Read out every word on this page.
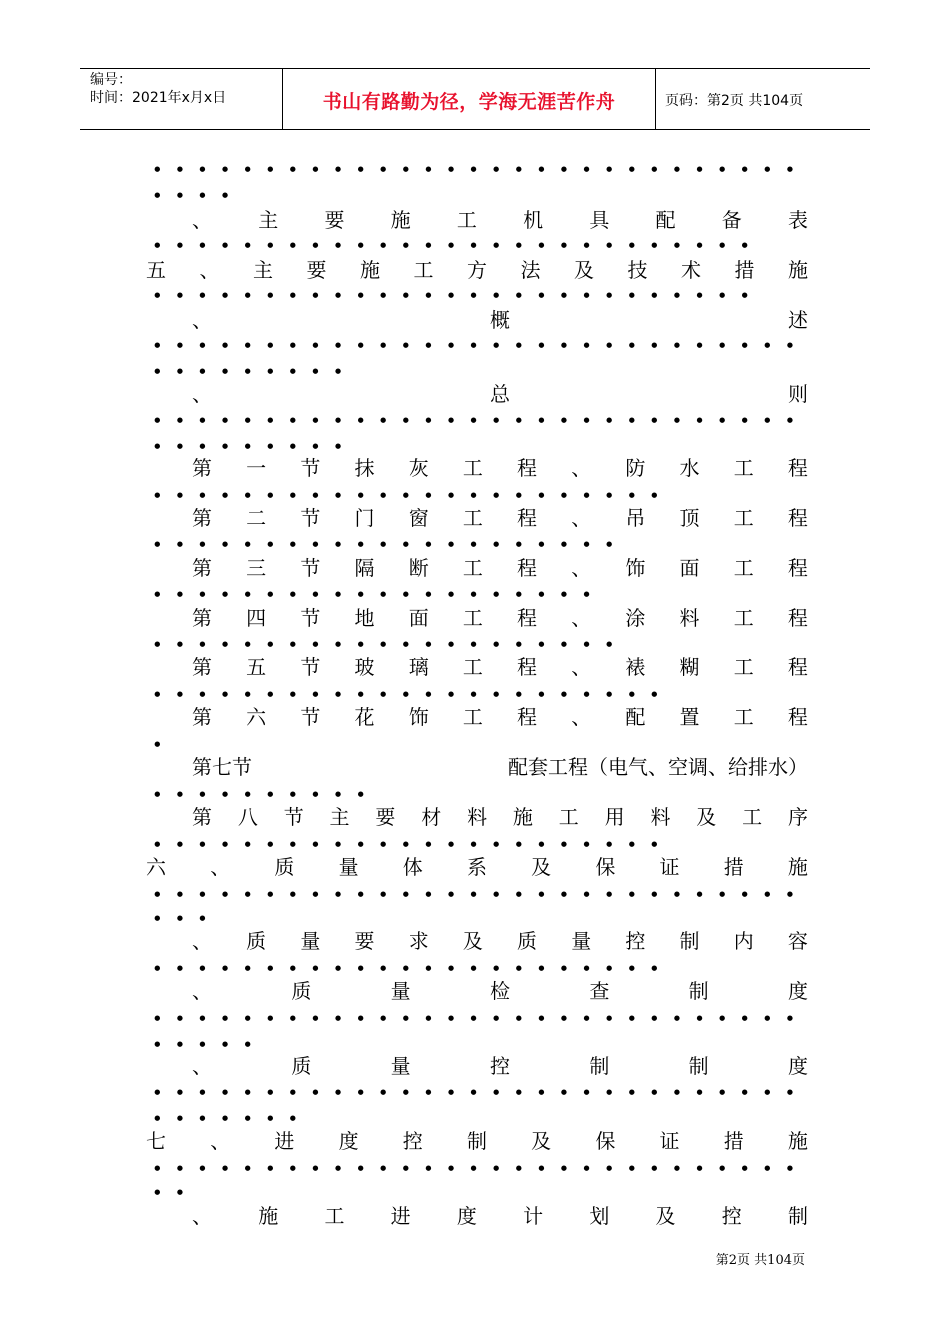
编号：
时间：2021年x月x日	书山有路勤为径，学海无涯苦作舟	页码：第2页 共104页
●●●●●●●●●●●●●●●●●●●●●●●●●●●●●
●●●●
、 主 要 施 工 机 具 配 备 表
●●●●●●●●●●●●●●●●●●●●●●●●●●●
五 、 主 要 施 工 方 法 及 技 术 措 施
●●●●●●●●●●●●●●●●●●●●●●●●●●●
、	概	述
●●●●●●●●●●●●●●●●●●●●●●●●●●●●●
●●●●●●●●●
、	总	则
●●●●●●●●●●●●●●●●●●●●●●●●●●●●●
●●●●●●●●●
第 一 节 抹 灰 工 程 、 防 水 工 程
●●●●●●●●●●●●●●●●●●●●●●●
第 二 节 门 窗 工 程 、 吊 顶 工 程
●●●●●●●●●●●●●●●●●●●●●
第 三 节 隔 断 工 程 、 饰 面 工 程
●●●●●●●●●●●●●●●●●●●●
第 四 节 地 面 工 程 、 涂 料 工 程
●●●●●●●●●●●●●●●●●●●●●
第 五 节 玻 璃 工 程 、 裱 糊 工 程
●●●●●●●●●●●●●●●●●●●●●●●
第 六 节 花 饰 工 程 、 配 置 工 程
●
第七节	配套工程（电气、空调、给排水）
●●●●●●●●●●
第 八 节 主 要 材 料 施 工 用 料 及 工 序
●●●●●●●●●●●●●●●●●●●●●●●
六 、 质 量 体 系 及 保 证 措 施
●●●●●●●●●●●●●●●●●●●●●●●●●●●●●
●●●
、 质 量 要 求 及 质 量 控 制 内 容
●●●●●●●●●●●●●●●●●●●●●●●
、	质	量	检	查	制	度
●●●●●●●●●●●●●●●●●●●●●●●●●●●●●
●●●●●
、	质	量	控	制	制	度
●●●●●●●●●●●●●●●●●●●●●●●●●●●●●
●●●●●●●
七 、 进 度 控 制 及 保 证 措 施
●●●●●●●●●●●●●●●●●●●●●●●●●●●●●
●●
、 施 工 进 度 计 划 及 控 制
第2页 共104页
